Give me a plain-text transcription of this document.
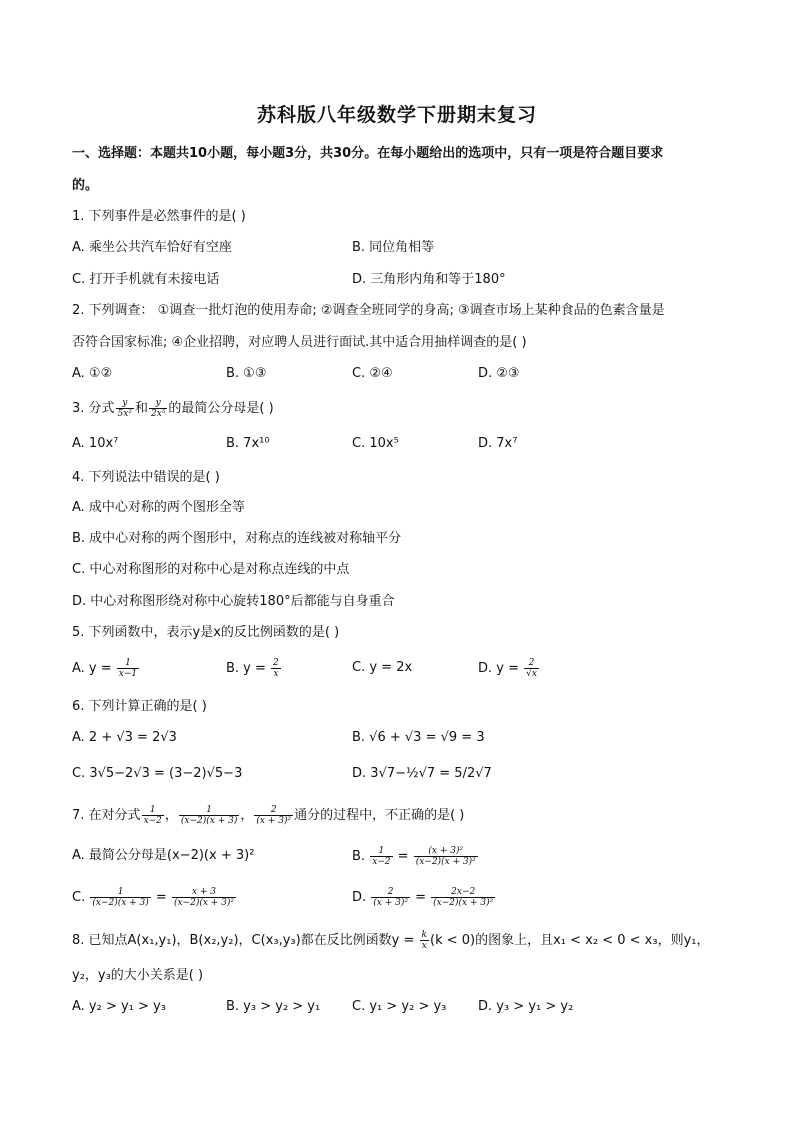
苏科版八年级数学下册期末复习
一、选择题：本题共10小题，每小题3分，共30分。在每小题给出的选项中，只有一项是符合题目要求
的。
1. 下列事件是必然事件的是( )
A. 乘坐公共汽车恰好有空座	B. 同位角相等
C. 打开手机就有未接电话	D. 三角形内角和等于180°
2. 下列调查： ①调查一批灯泡的使用寿命; ②调查全班同学的身高; ③调查市场上某种食品的色素含量是
否符合国家标准; ④企业招聘，对应聘人员进行面试.其中适合用抽样调查的是( )
A. ①②	B. ①③	C. ②④	D. ②③
3. 分式 $\frac{y}{\text{5x²}}$ 和 $\frac{y}{\text{2x⁵}}$ 的最简公分母是( )
A. 10x⁷	B. 7x¹⁰	C. 10x⁵	D. 7x⁷
4. 下列说法中错误的是( )
A. 成中心对称的两个图形全等
B. 成中心对称的两个图形中，对称点的连线被对称轴平分
C. 中心对称图形的对称中心是对称点连线的中点
D. 中心对称图形绕对称中心旋转180°后都能与自身重合
5. 下列函数中，表示y是x的反比例函数的是( )
A. $y = \frac{1}{x-1}$	B. $y = \frac{2}{x}$	C. y = 2x	D. $y = \frac{2}{√x}$
6. 下列计算正确的是( )
A. 2 + √3 = 2√3	B. √6 + √3 = √9 = 3
C. 3√5−2√3 = (3−2)√5−3	D. 3√7−½√7 = 5/2√7
7. 在对分式 $\frac{1}{x-2}$ ， $\frac{1}{(x-2)(x + 3)}$ ， $\frac{2}{\text{(x + 3)²}}$ 通分的过程中，不正确的是( )
A. 最简公分母是(x−2)(x + 3)²	B. $\frac{1}{x-2} = \frac{\text{(x + 3)²}}{\text{(x−2)(x + 3)²}}$
C. $\frac{1}{(x-2)(x + 3)} = \frac{x + 3}{\text{(x−2)(x + 3)²}}$	D. $\frac{2}{\text{(x + 3)²}} = \frac{2x-2}{\text{(x−2)(x + 3)²}}$
8. 已知点A(x₁,y₁)，B(x₂,y₂)，C(x₃,y₃)都在反比例函数$y = \frac{k}{x} (k < 0)$的图象上，且x₁ < x₂ < 0 < x₃，则y₁，
y₂，y₃的大小关系是( )
A. y₂ > y₁ > y₃	B. y₃ > y₂ > y₁ C. y₁ > y₂ > y₃ D. y₃ > y₁ > y₂
